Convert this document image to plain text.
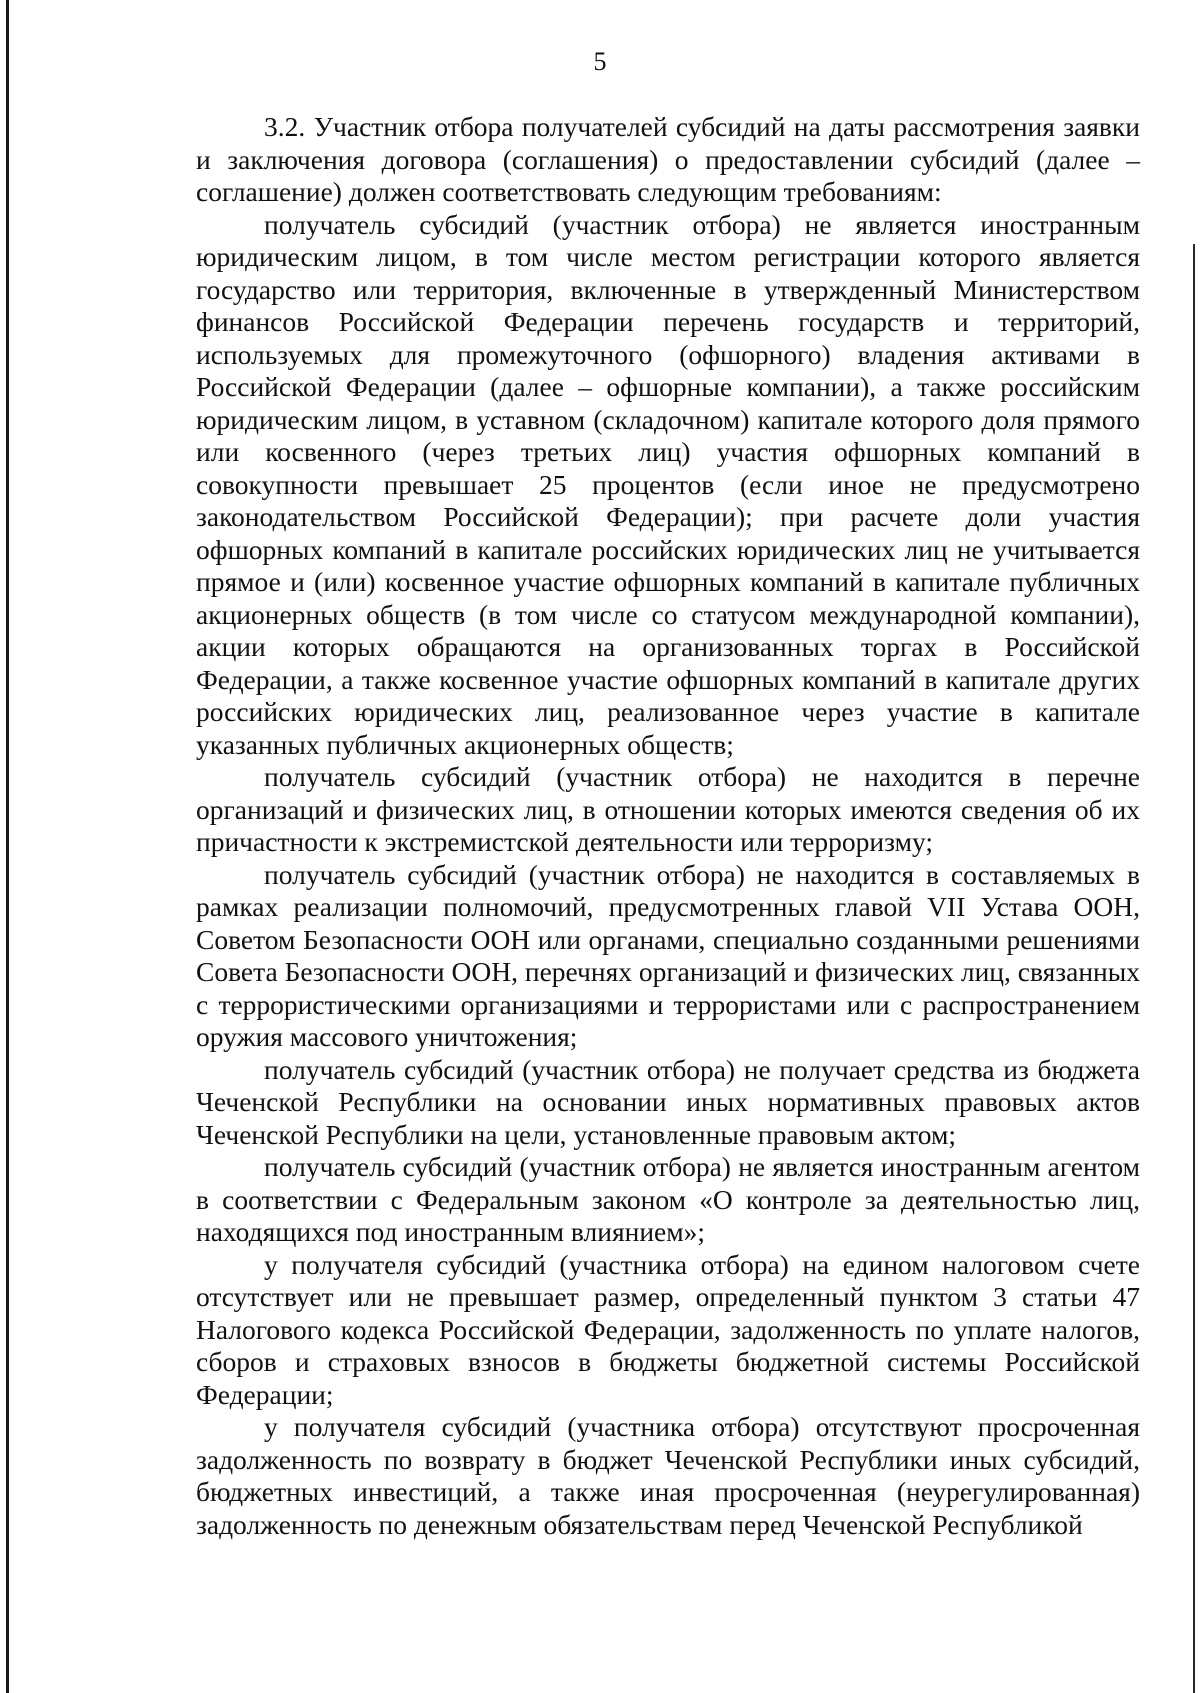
5

3.2. Участник отбора получателей субсидий на даты рассмотрения заявки и заключения договора (соглашения) о предоставлении субсидий (далее – соглашение) должен соответствовать следующим требованиям:

получатель субсидий (участник отбора) не является иностранным юридическим лицом, в том числе местом регистрации которого является государство или территория, включенные в утвержденный Министерством финансов Российской Федерации перечень государств и территорий, используемых для промежуточного (офшорного) владения активами в Российской Федерации (далее – офшорные компании), а также российским юридическим лицом, в уставном (складочном) капитале которого доля прямого или косвенного (через третьих лиц) участия офшорных компаний в совокупности превышает 25 процентов (если иное не предусмотрено законодательством Российской Федерации); при расчете доли участия офшорных компаний в капитале российских юридических лиц не учитывается прямое и (или) косвенное участие офшорных компаний в капитале публичных акционерных обществ (в том числе со статусом международной компании), акции которых обращаются на организованных торгах в Российской Федерации, а также косвенное участие офшорных компаний в капитале других российских юридических лиц, реализованное через участие в капитале указанных публичных акционерных обществ;

получатель субсидий (участник отбора) не находится в перечне организаций и физических лиц, в отношении которых имеются сведения об их причастности к экстремистской деятельности или терроризму;

получатель субсидий (участник отбора) не находится в составляемых в рамках реализации полномочий, предусмотренных главой VII Устава ООН, Советом Безопасности ООН или органами, специально созданными решениями Совета Безопасности ООН, перечнях организаций и физических лиц, связанных с террористическими организациями и террористами или с распространением оружия массового уничтожения;

получатель субсидий (участник отбора) не получает средства из бюджета Чеченской Республики на основании иных нормативных правовых актов Чеченской Республики на цели, установленные правовым актом;

получатель субсидий (участник отбора) не является иностранным агентом в соответствии с Федеральным законом «О контроле за деятельностью лиц, находящихся под иностранным влиянием»;

у получателя субсидий (участника отбора) на едином налоговом счете отсутствует или не превышает размер, определенный пунктом 3 статьи 47 Налогового кодекса Российской Федерации, задолженность по уплате налогов, сборов и страховых взносов в бюджеты бюджетной системы Российской Федерации;

у получателя субсидий (участника отбора) отсутствуют просроченная задолженность по возврату в бюджет Чеченской Республики иных субсидий, бюджетных инвестиций, а также иная просроченная (неурегулированная) задолженность по денежным обязательствам перед Чеченской Республикой
